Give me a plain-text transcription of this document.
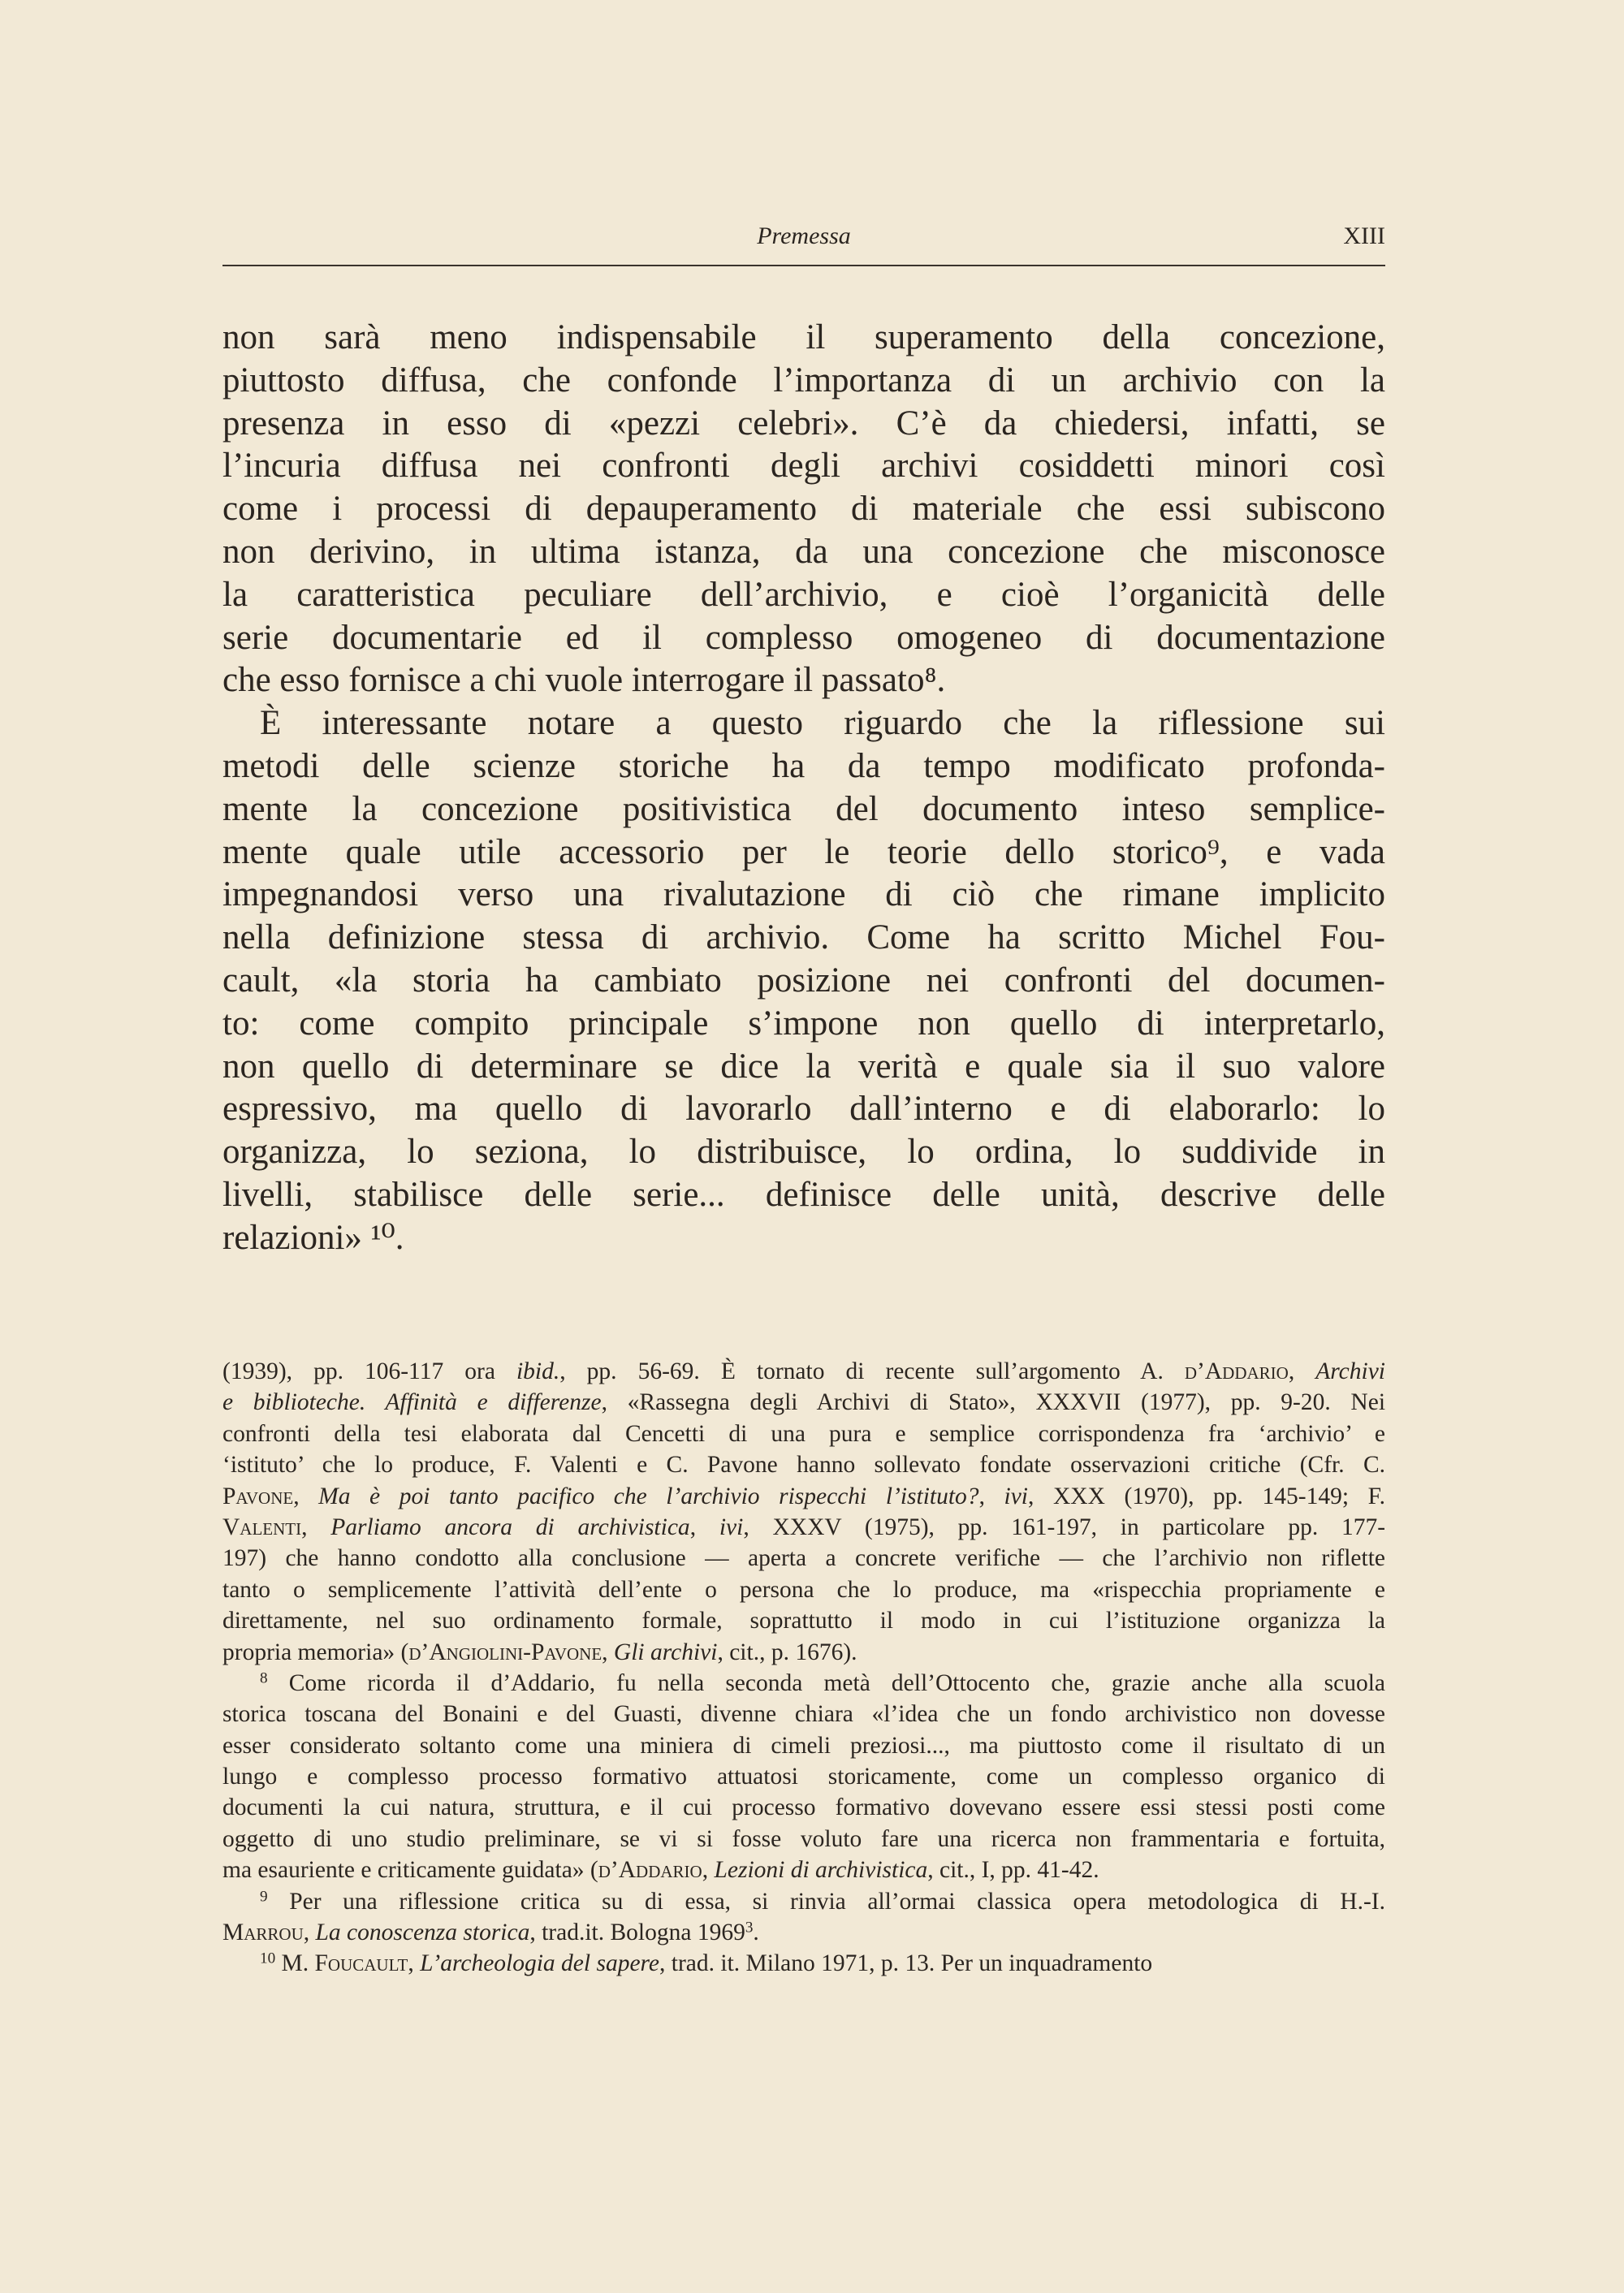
Premessa	XIII
non sarà meno indispensabile il superamento della concezione,
piuttosto diffusa, che confonde l’importanza di un archivio con la
presenza in esso di «pezzi celebri». C’è da chiedersi, infatti, se
l’incuria diffusa nei confronti degli archivi cosiddetti minori così
come i processi di depauperamento di materiale che essi subiscono
non derivino, in ultima istanza, da una concezione che misconosce
la caratteristica peculiare dell’archivio, e cioè l’organicità delle
serie documentarie ed il complesso omogeneo di documentazione
che esso fornisce a chi vuole interrogare il passato⁸.
È interessante notare a questo riguardo che la riflessione sui
metodi delle scienze storiche ha da tempo modificato profonda-
mente la concezione positivistica del documento inteso semplice-
mente quale utile accessorio per le teorie dello storico⁹, e vada
impegnandosi verso una rivalutazione di ciò che rimane implicito
nella definizione stessa di archivio. Come ha scritto Michel Fou-
cault, «la storia ha cambiato posizione nei confronti del documen-
to: come compito principale s’impone non quello di interpretarlo,
non quello di determinare se dice la verità e quale sia il suo valore
espressivo, ma quello di lavorarlo dall’interno e di elaborarlo: lo
organizza, lo seziona, lo distribuisce, lo ordina, lo suddivide in
livelli, stabilisce delle serie... definisce delle unità, descrive delle
relazioni» ¹⁰.
(1939), pp. 106-117 ora ibid., pp. 56-69. È tornato di recente sull’argomento A. d’Addario, Archivi
e biblioteche. Affinità e differenze, «Rassegna degli Archivi di Stato», XXXVII (1977), pp. 9-20. Nei
confronti della tesi elaborata dal Cencetti di una pura e semplice corrispondenza fra ‘archivio’ e
‘istituto’ che lo produce, F. Valenti e C. Pavone hanno sollevato fondate osservazioni critiche (Cfr. C.
Pavone, Ma è poi tanto pacifico che l’archivio rispecchi l’istituto?, ivi, XXX (1970), pp. 145-149; F.
Valenti, Parliamo ancora di archivistica, ivi, XXXV (1975), pp. 161-197, in particolare pp. 177-
197) che hanno condotto alla conclusione — aperta a concrete verifiche — che l’archivio non riflette
tanto o semplicemente l’attività dell’ente o persona che lo produce, ma «rispecchia propriamente e
direttamente, nel suo ordinamento formale, soprattutto il modo in cui l’istituzione organizza la
propria memoria» (d’Angiolini-Pavone, Gli archivi, cit., p. 1676).
$^8$ Come ricorda il d’Addario, fu nella seconda metà dell’Ottocento che, grazie anche alla scuola
storica toscana del Bonaini e del Guasti, divenne chiara «l’idea che un fondo archivistico non dovesse
esser considerato soltanto come una miniera di cimeli preziosi..., ma piuttosto come il risultato di un
lungo e complesso processo formativo attuatosi storicamente, come un complesso organico di
documenti la cui natura, struttura, e il cui processo formativo dovevano essere essi stessi posti come
oggetto di uno studio preliminare, se vi si fosse voluto fare una ricerca non frammentaria e fortuita,
ma esauriente e criticamente guidata» (d’Addario, Lezioni di archivistica, cit., I, pp. 41-42.
$^9$ Per una riflessione critica su di essa, si rinvia all’ormai classica opera metodologica di H.-I.
Marrou, La conoscenza storica, trad.it. Bologna 1969$^3$.
$^{10}$ M. Foucault, L’archeologia del sapere, trad. it. Milano 1971, p. 13. Per un inquadramento
